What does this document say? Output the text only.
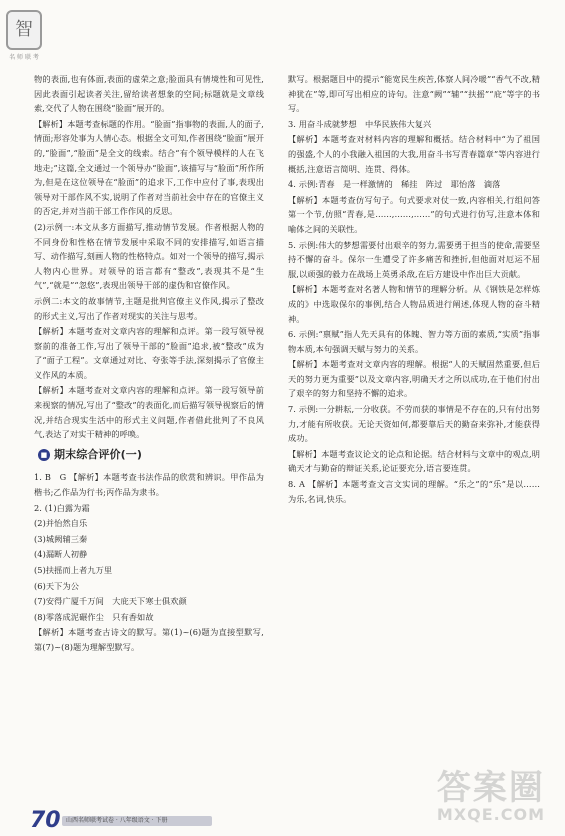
智
名 师 联 考

物的表面,也有体面,表面的虚荣之意;脸面具有情境性和可见性,因此表面引起读者关注,留给读者想象的空间;标题就是文章线索,交代了人物在围绕“脸面”展开的。

【解析】本题考查标题的作用。“脸面”指事物的表面,人的面子,情面;形容处事为人情心态。根据全文可知,作者围绕“脸面”展开的,“脸面”,“脸面”是全文的线索。结合“有个领导模样的人在飞地走;”这篇,全文通过一个领导办“脸面”,该描写与“脸面”所作所为,但是在这位领导在“脸面”的追求下,工作中应付了事,表现出领导对干部作风不实,说明了作者对当前社会中存在的官僚主义的否定,并对当前干部工作作风的反思。

(2)示例一:本文从多方面描写,推动情节发展。作者根据人物的不同身份和性格在情节发展中采取不同的安排描写,如语言描写、动作描写,刻画人物的性格特点。如对一个领导的描写,揭示人物内心世界。对领导的语言都有“整改”,表现其不是“生气”,“就是”“忽悠”,表现出领导干部的虚伪和官僚作风。

示例二:本文的故事情节,主题是批判官僚主义作风,揭示了整改的形式主义,写出了作者对现实的关注与思考。

【解析】本题考查对文章内容的理解和点评。第一段写领导视察前的准备工作,写出了领导干部的“脸面”追求,被“整改”成为了“面子工程”。文章通过对比、夸张等手法,深刻揭示了官僚主义作风的本质。

【解析】本题考查对文章内容的理解和点评。第一段写领导前来视察的情况,写出了“整改”的表面化,而后描写领导视察后的情况,并结合现实生活中的形式主义问题,作者借此批判了不良风气,表达了对实干精神的呼唤。

■ 期末综合评价(一)

1. B　G 【解析】本题考查书法作品的欣赏和辨识。甲作品为楷书;乙作品为行书;丙作品为隶书。

2. (1)白露为霜

(2)并怡然自乐

(3)城阙辅三秦

(4)漏断人初静

(5)扶摇而上者九万里

(6)天下为公

(7)安得广厦千万间　大庇天下寒士俱欢颜

(8)零落成泥碾作尘　只有香如故

【解析】本题考查古诗文的默写。第(1)~(6)题为直接型默写,第(7)~(8)题为理解型默写。

默写。根据题目中的提示“能宽民生疾苦,体察人间冷暖”“香气不改,精神犹在”等,即可写出相应的诗句。注意“阙”“辅”“扶摇”“庇”等字的书写。

3. 用奋斗成就梦想　中华民族伟大复兴

【解析】本题考查对材料内容的理解和概括。结合材料中“为了祖国的强盛,个人的小我融入祖国的大我,用奋斗书写青春篇章”等内容进行概括,注意语言简明、连贯、得体。

4. 示例:青春　是一样激情的　稀挂　阵过　耶怡落　滴落

【解析】本题考查仿写句子。句式要求对仗一致,内容相关,行组问答第一个节,仿照“青春,是……,……,……”的句式进行仿写,注意本体和喻体之间的关联性。

5. 示例:伟大的梦想需要付出艰辛的努力,需要勇于担当的使命,需要坚持不懈的奋斗。保尔一生遭受了许多痛苦和挫折,但他面对厄运不屈服,以顽强的毅力在战场上英勇杀敌,在后方建设中作出巨大贡献。

【解析】本题考查对名著人物和情节的理解分析。从《钢铁是怎样炼成的》中选取保尔的事例,结合人物品质进行阐述,体现人物的奋斗精神。

6. 示例:“禀赋”指人先天具有的体魄、智力等方面的素质,“实质”指事物本质,本句强调天赋与努力的关系。

【解析】本题考查对文章内容的理解。根据“人的天赋固然重要,但后天的努力更为重要”以及文章内容,明确天才之所以成功,在于他们付出了艰辛的努力和坚持不懈的追求。

7. 示例:一分耕耘,一分收获。不劳而获的事情是不存在的,只有付出努力,才能有所收获。无论天资如何,都要靠后天的勤奋来弥补,才能获得成功。

【解析】本题考查议论文的论点和论据。结合材料与文章中的观点,明确天才与勤奋的辩证关系,论证要充分,语言要连贯。

8. A 【解析】本题考查文言文实词的理解。“乐之”的“乐”是以……为乐,名词,快乐。

答案圈
MXQE.COM
70 山西名师联考试卷 · 八年级语文 · 下册
